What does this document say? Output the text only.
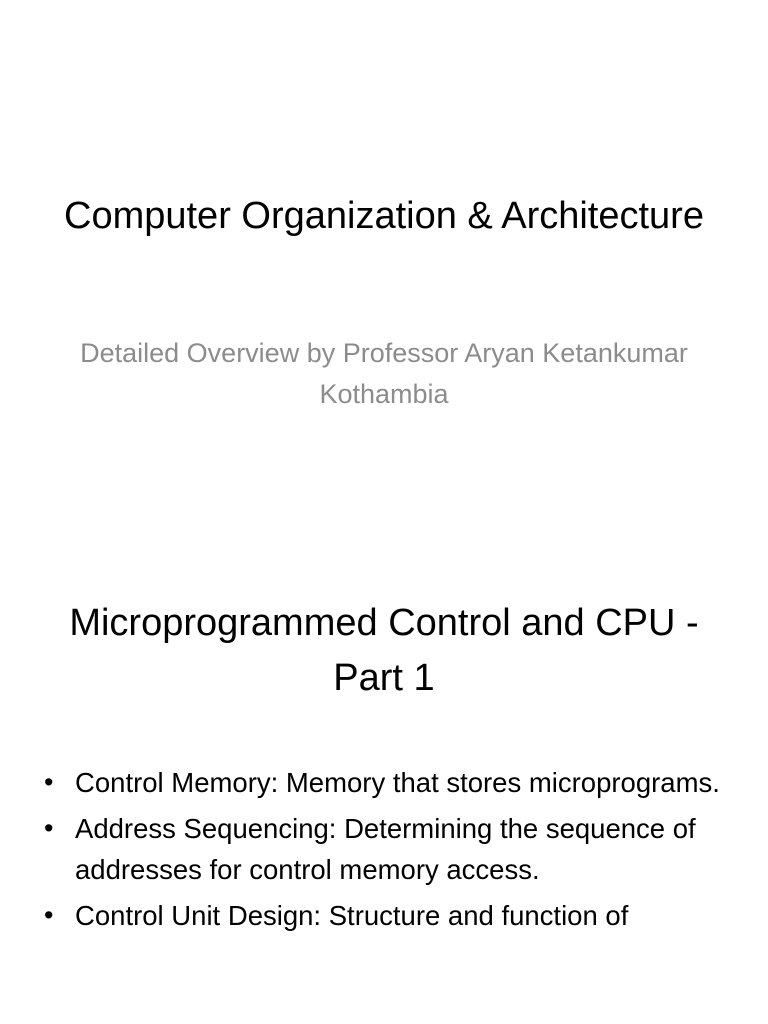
Computer Organization & Architecture

Detailed Overview by Professor Aryan Ketankumar Kothambia

Microprogrammed Control and CPU - Part 1
• Control Memory: Memory that stores microprograms.
• Address Sequencing: Determining the sequence of addresses for control memory access.
• Control Unit Design: Structure and function of
